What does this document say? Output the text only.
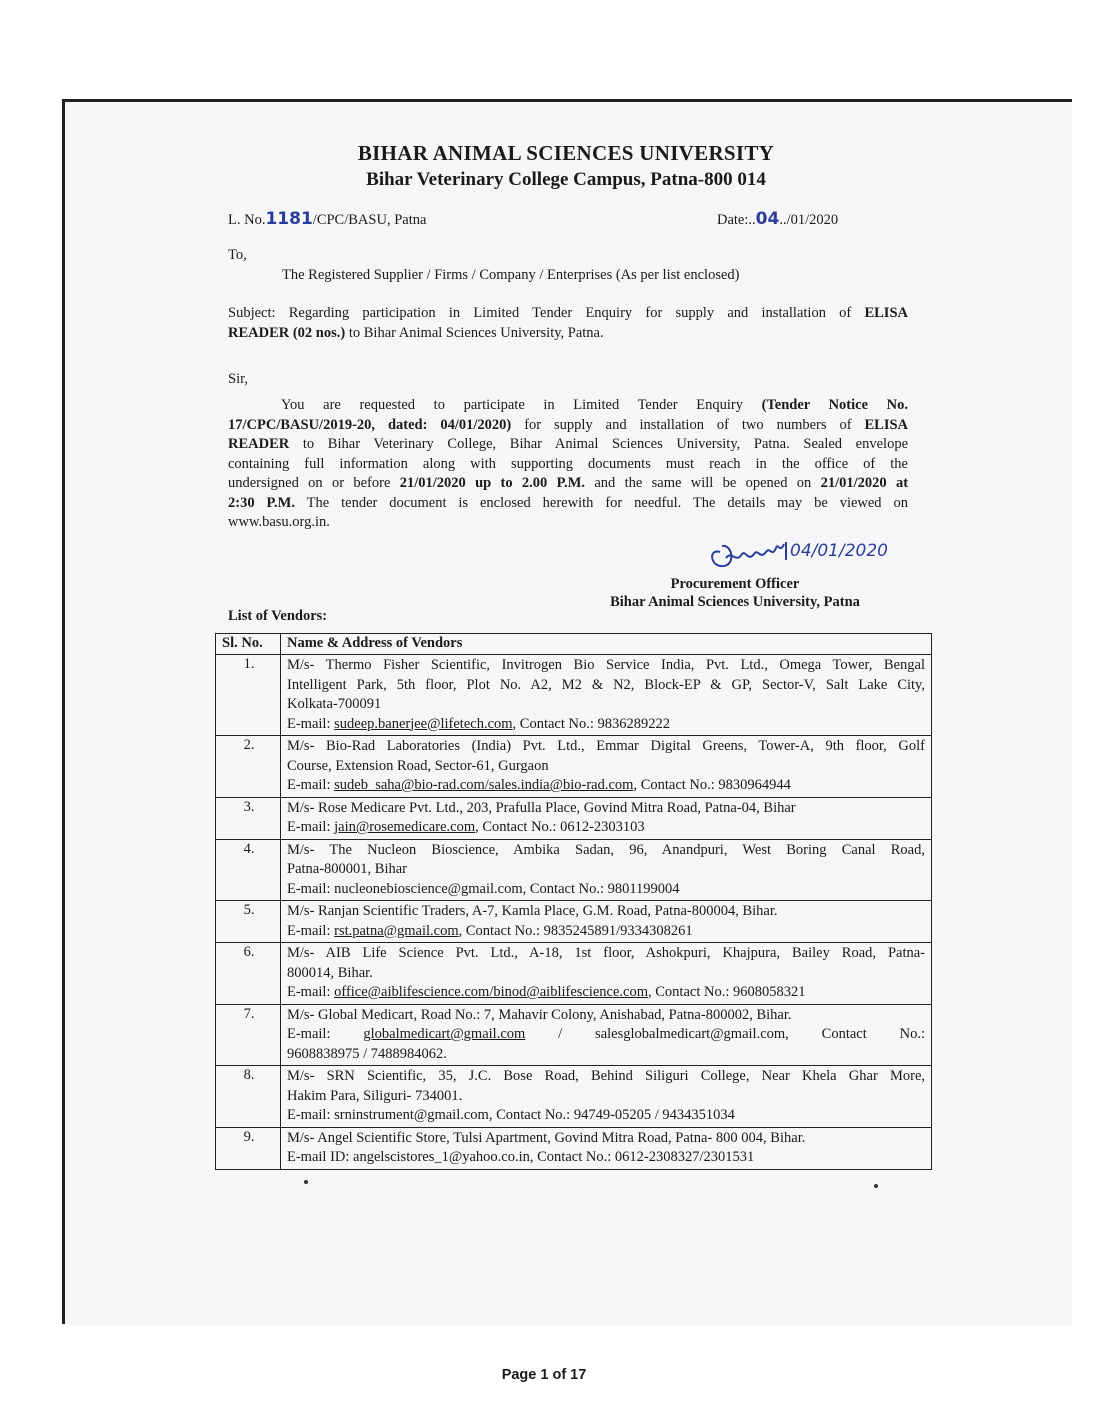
BIHAR ANIMAL SCIENCES UNIVERSITY
Bihar Veterinary College Campus, Patna-800 014
L. No.1181/CPC/BASU, Patna	Date:..04../01/2020
To,
The Registered Supplier / Firms / Company / Enterprises (As per list enclosed)
Subject: Regarding participation in Limited Tender Enquiry for supply and installation of ELISA
READER (02 nos.) to Bihar Animal Sciences University, Patna.
Sir,
You are requested to participate in Limited Tender Enquiry (Tender Notice No.
17/CPC/BASU/2019-20, dated: 04/01/2020) for supply and installation of two numbers of ELISA
READER to Bihar Veterinary College, Bihar Animal Sciences University, Patna. Sealed envelope
containing full information along with supporting documents must reach in the office of the
undersigned on or before 21/01/2020 up to 2.00 P.M. and the same will be opened on 21/01/2020 at
2:30 P.M. The tender document is enclosed herewith for needful. The details may be viewed on
www.basu.org.in.
04/01/2020
Procurement Officer
Bihar Animal Sciences University, Patna
List of Vendors:
Sl. No.	Name & Address of Vendors
1.	M/s- Thermo Fisher Scientific, Invitrogen Bio Service India, Pvt. Ltd., Omega Tower, Bengal
Intelligent Park, 5th floor, Plot No. A2, M2 & N2, Block-EP & GP, Sector-V, Salt Lake City,
Kolkata-700091
E-mail: sudeep.banerjee@lifetech.com, Contact No.: 9836289222

2.	M/s- Bio-Rad Laboratories (India) Pvt. Ltd., Emmar Digital Greens, Tower-A, 9th floor, Golf
Course, Extension Road, Sector-61, Gurgaon
E-mail: sudeb_saha@bio-rad.com/sales.india@bio-rad.com, Contact No.: 9830964944

3.	M/s- Rose Medicare Pvt. Ltd., 203, Prafulla Place, Govind Mitra Road, Patna-04, Bihar
E-mail: jain@rosemedicare.com, Contact No.: 0612-2303103

4.	M/s- The Nucleon Bioscience, Ambika Sadan, 96, Anandpuri, West Boring Canal Road,
Patna-800001, Bihar
E-mail: nucleonebioscience@gmail.com, Contact No.: 9801199004

5.	M/s- Ranjan Scientific Traders, A-7, Kamla Place, G.M. Road, Patna-800004, Bihar.
E-mail: rst.patna@gmail.com, Contact No.: 9835245891/9334308261

6.	M/s- AIB Life Science Pvt. Ltd., A-18, 1st floor, Ashokpuri, Khajpura, Bailey Road, Patna-
800014, Bihar.
E-mail: office@aiblifescience.com/binod@aiblifescience.com, Contact No.: 9608058321

7.	M/s- Global Medicart, Road No.: 7, Mahavir Colony, Anishabad, Patna-800002, Bihar.
E-mail: globalmedicart@gmail.com / salesglobalmedicart@gmail.com, Contact No.:
9608838975 / 7488984062.

8.	M/s- SRN Scientific, 35, J.C. Bose Road, Behind Siliguri College, Near Khela Ghar More,
Hakim Para, Siliguri- 734001.
E-mail: srninstrument@gmail.com, Contact No.: 94749-05205 / 9434351034

9.	M/s- Angel Scientific Store, Tulsi Apartment, Govind Mitra Road, Patna- 800 004, Bihar.
E-mail ID: angelscistores_1@yahoo.co.in, Contact No.: 0612-2308327/2301531
Page 1 of 17
